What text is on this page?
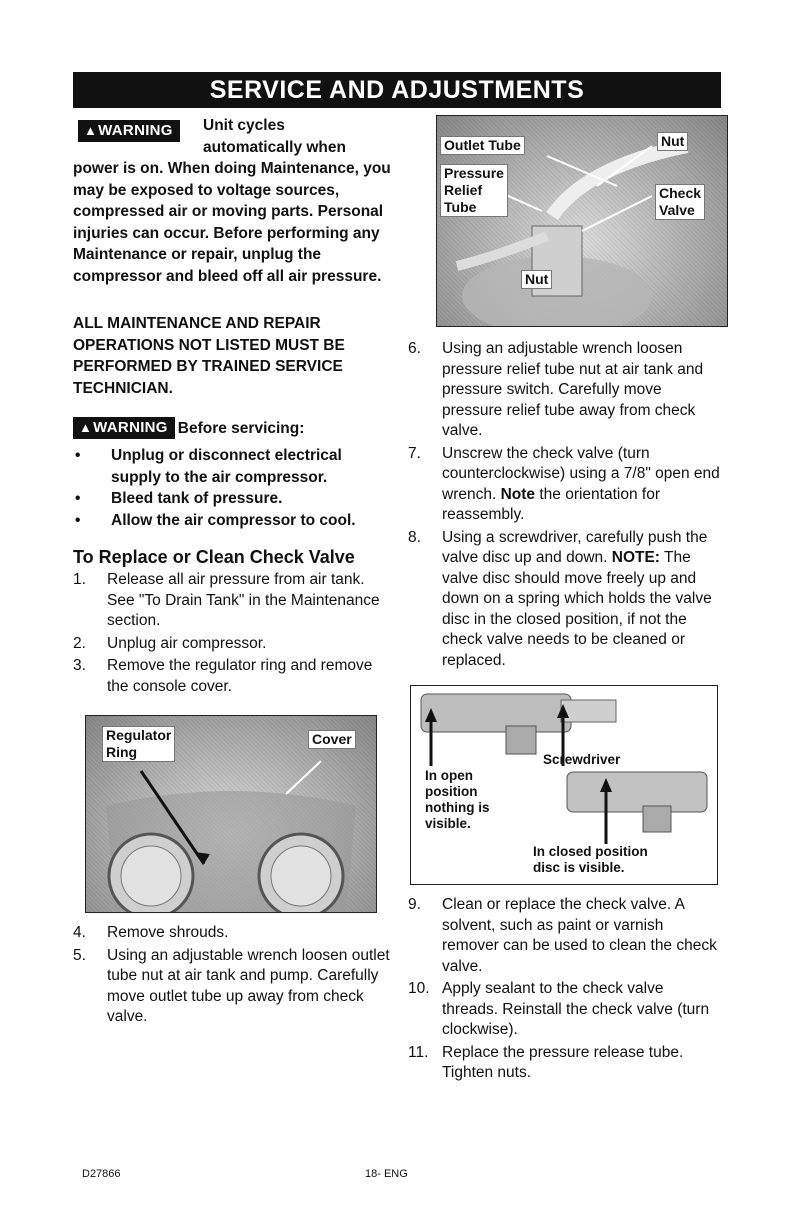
SERVICE AND ADJUSTMENTS
▲WARNING	Unit cycles
automatically when
power is on. When doing Maintenance, you may be exposed to voltage sources, compressed air or moving parts. Personal injuries can occur. Before performing any Maintenance or repair, unplug the compressor and bleed off all air pressure.
ALL MAINTENANCE AND REPAIR OPERATIONS NOT LISTED MUST BE PERFORMED BY TRAINED SERVICE TECHNICIAN.
▲WARNING Before servicing:
• Unplug or disconnect electrical supply to the air compressor.
• Bleed tank of pressure.
• Allow the air compressor to cool.
To Replace or Clean Check Valve
1. Release all air pressure from air tank. See "To Drain Tank" in the Maintenance section.
2. Unplug air compressor.
3. Remove the regulator ring and remove the console cover.
Regulator
Ring
Cover
4. Remove shrouds.
5. Using an adjustable wrench loosen outlet tube nut at air tank and pump. Carefully move outlet tube up away from check valve.
Outlet Tube	Nut
Pressure
Relief
Tube
Check
Valve
Nut
6. Using an adjustable wrench loosen pressure relief tube nut at air tank and pressure switch. Carefully move pressure relief tube away from check valve.
7. Unscrew the check valve (turn counterclockwise) using a 7/8" open end wrench. Note the orientation for reassembly.
8. Using a screwdriver, carefully push the valve disc up and down. NOTE: The valve disc should move freely up and down on a spring which holds the valve disc in the closed position, if not the check valve needs to be cleaned or replaced.
Screwdriver
In open
position
nothing is
visible.
In closed position
disc is visible.
9. Clean or replace the check valve. A solvent, such as paint or varnish remover can be used to clean the check valve.
10. Apply sealant to the check valve threads. Reinstall the check valve (turn clockwise).
11. Replace the pressure release tube. Tighten nuts.
D27866	18- ENG
